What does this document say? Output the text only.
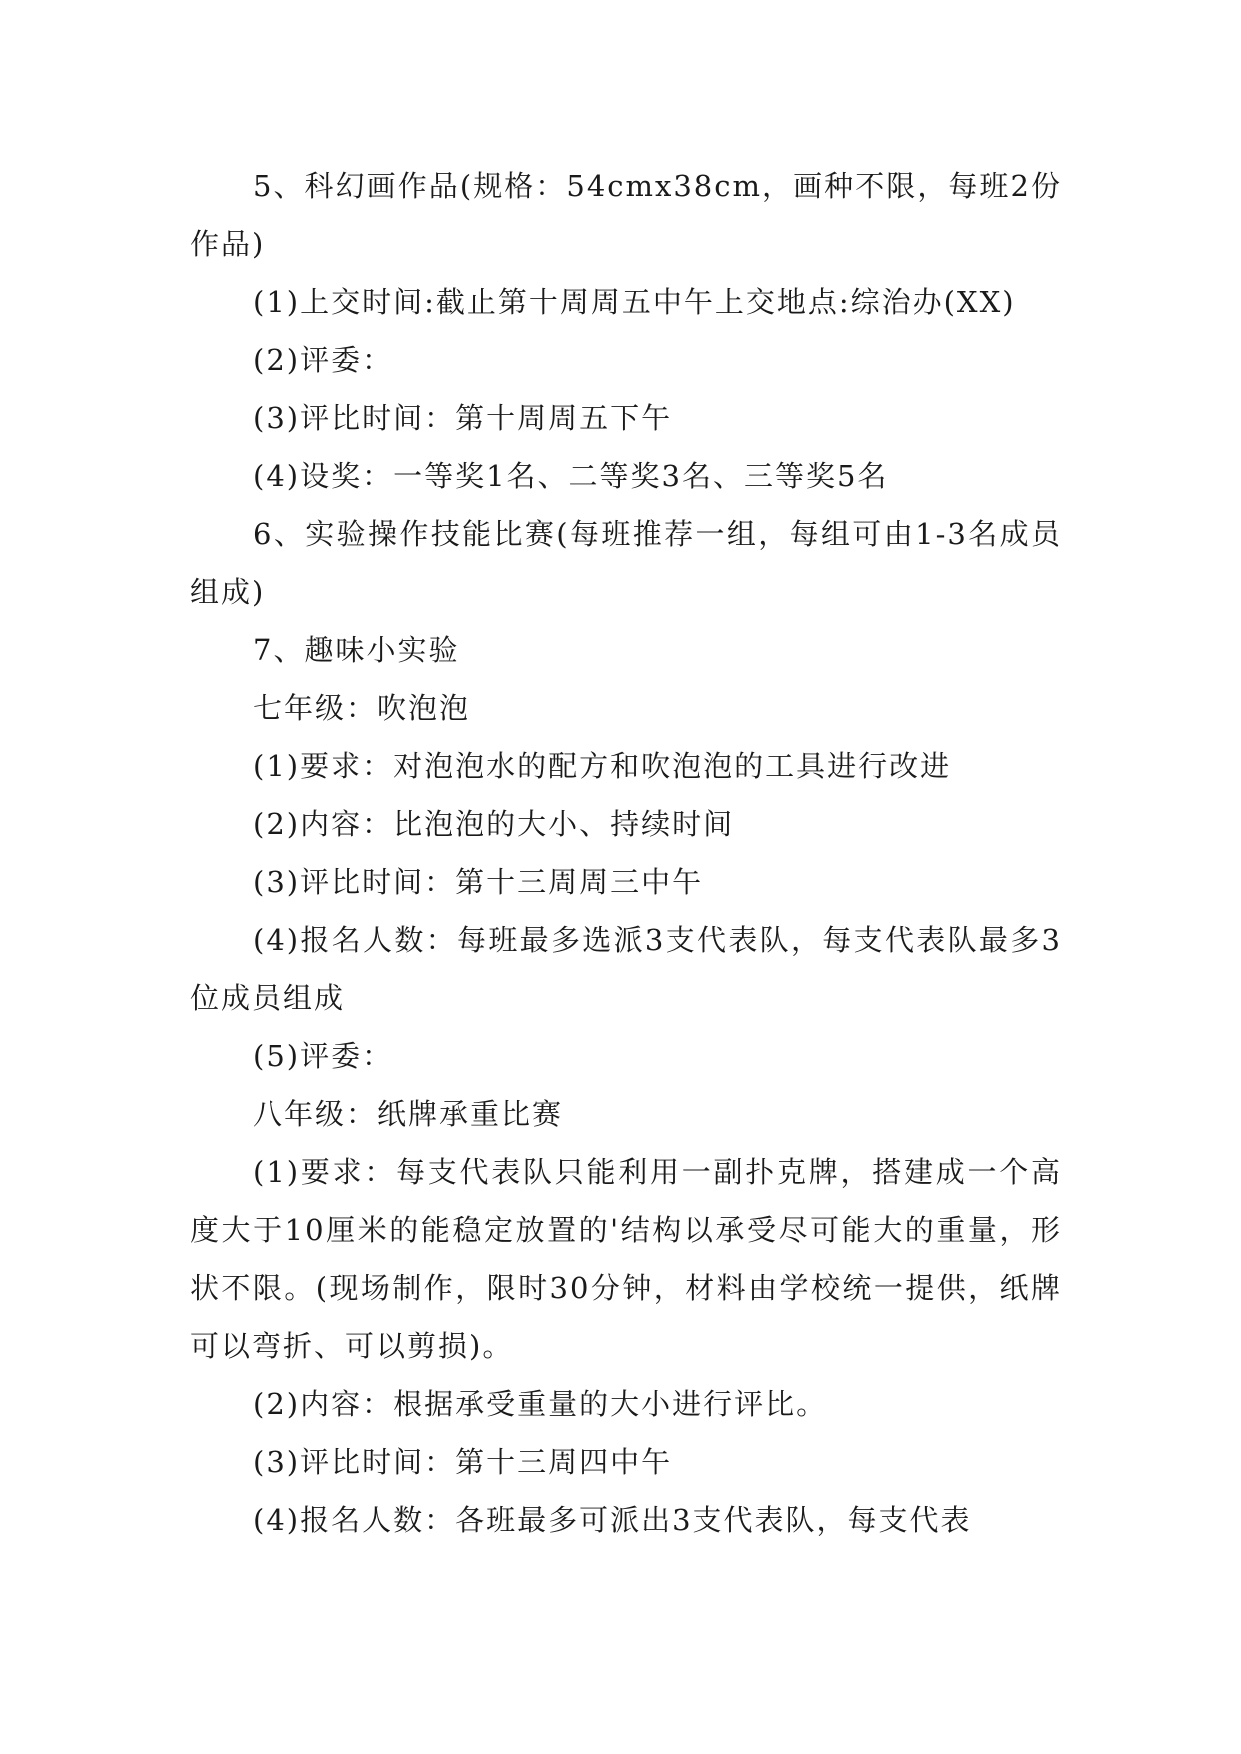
5、科幻画作品(规格：54cmx38cm，画种不限，每班2份作品)

(1)上交时间:截止第十周周五中午上交地点:综治办(XX)

(2)评委：

(3)评比时间：第十周周五下午

(4)设奖：一等奖1名、二等奖3名、三等奖5名

6、实验操作技能比赛(每班推荐一组，每组可由1-3名成员组成)

7、趣味小实验

七年级：吹泡泡

(1)要求：对泡泡水的配方和吹泡泡的工具进行改进

(2)内容：比泡泡的大小、持续时间

(3)评比时间：第十三周周三中午

(4)报名人数：每班最多选派3支代表队，每支代表队最多3位成员组成

(5)评委：

八年级：纸牌承重比赛

(1)要求：每支代表队只能利用一副扑克牌，搭建成一个高度大于10厘米的能稳定放置的'结构以承受尽可能大的重量，形状不限。(现场制作，限时30分钟，材料由学校统一提供，纸牌可以弯折、可以剪损)。

(2)内容：根据承受重量的大小进行评比。

(3)评比时间：第十三周四中午

(4)报名人数：各班最多可派出3支代表队，每支代表
